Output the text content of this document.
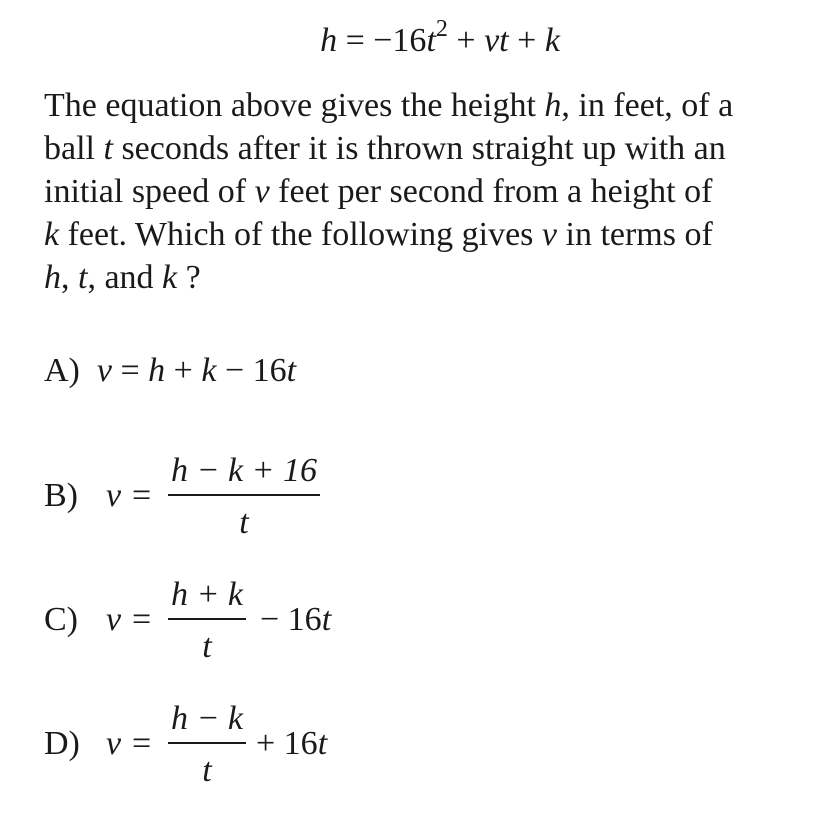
$h = -16t^2$ + vt + k
The equation above gives the height h, in feet, of a
ball t seconds after it is thrown straight up with an
initial speed of v feet per second from a height of
k feet. Which of the following gives v in terms of
h, t, and k ?
A) v = h + k − 16t
B) v =
h − k + 16
t
C) v =
h + k
t
− 16t
D) v =
h − k
t
+ 16t
